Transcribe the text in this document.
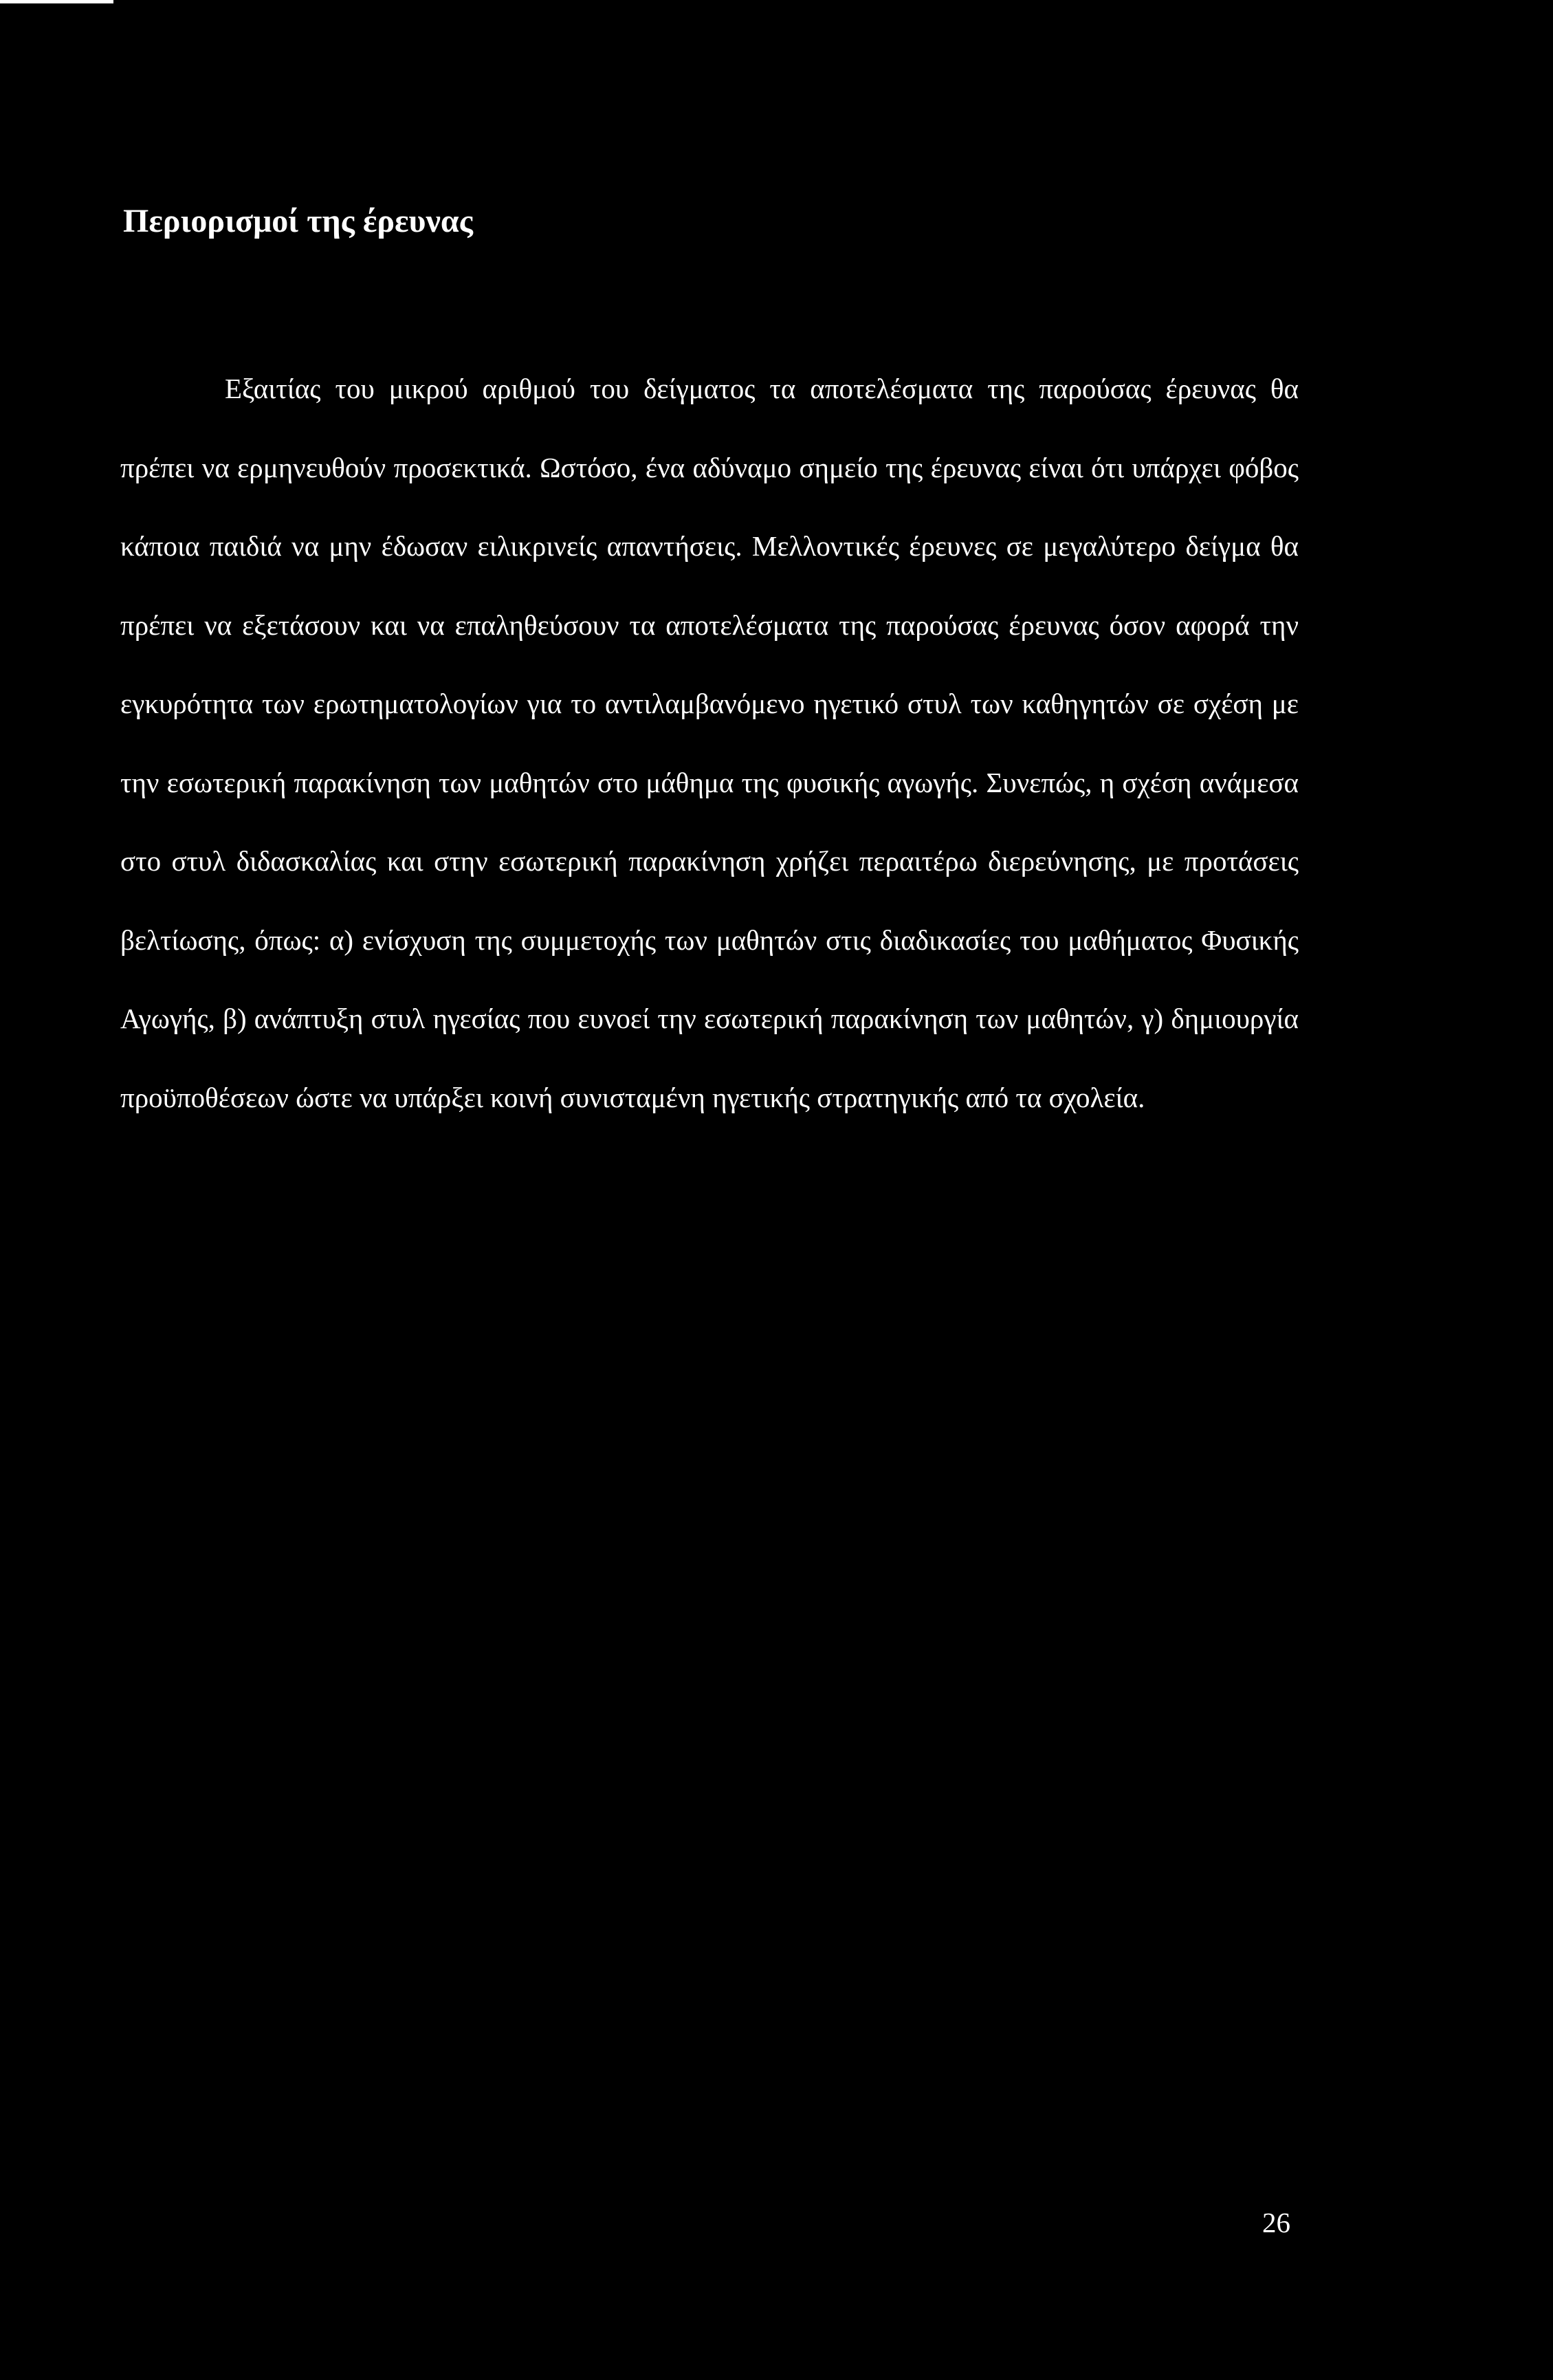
Περιορισμοί της έρευνας

Εξαιτίας του μικρού αριθμού του δείγματος τα αποτελέσματα της παρούσας έρευνας θα πρέπει να ερμηνευθούν προσεκτικά. Ωστόσο, ένα αδύναμο σημείο της έρευνας είναι ότι υπάρχει φόβος κάποια παιδιά να μην έδωσαν ειλικρινείς απαντήσεις. Μελλοντικές έρευνες σε μεγαλύτερο δείγμα θα πρέπει να εξετάσουν και να επαληθεύσουν τα αποτελέσματα της παρούσας έρευνας όσον αφορά την εγκυρότητα των ερωτηματολογίων για το αντιλαμβανόμενο ηγετικό στυλ των καθηγητών σε σχέση με την εσωτερική παρακίνηση των μαθητών στο μάθημα της φυσικής αγωγής. Συνεπώς, η σχέση ανάμεσα στο στυλ διδασκαλίας και στην εσωτερική παρακίνηση χρήζει περαιτέρω διερεύνησης, με προτάσεις βελτίωσης, όπως: α) ενίσχυση της συμμετοχής των μαθητών στις διαδικασίες του μαθήματος Φυσικής Αγωγής, β) ανάπτυξη στυλ ηγεσίας που ευνοεί την εσωτερική παρακίνηση των μαθητών, γ) δημιουργία προϋποθέσεων ώστε να υπάρξει κοινή συνισταμένη ηγετικής στρατηγικής από τα σχολεία.

26
